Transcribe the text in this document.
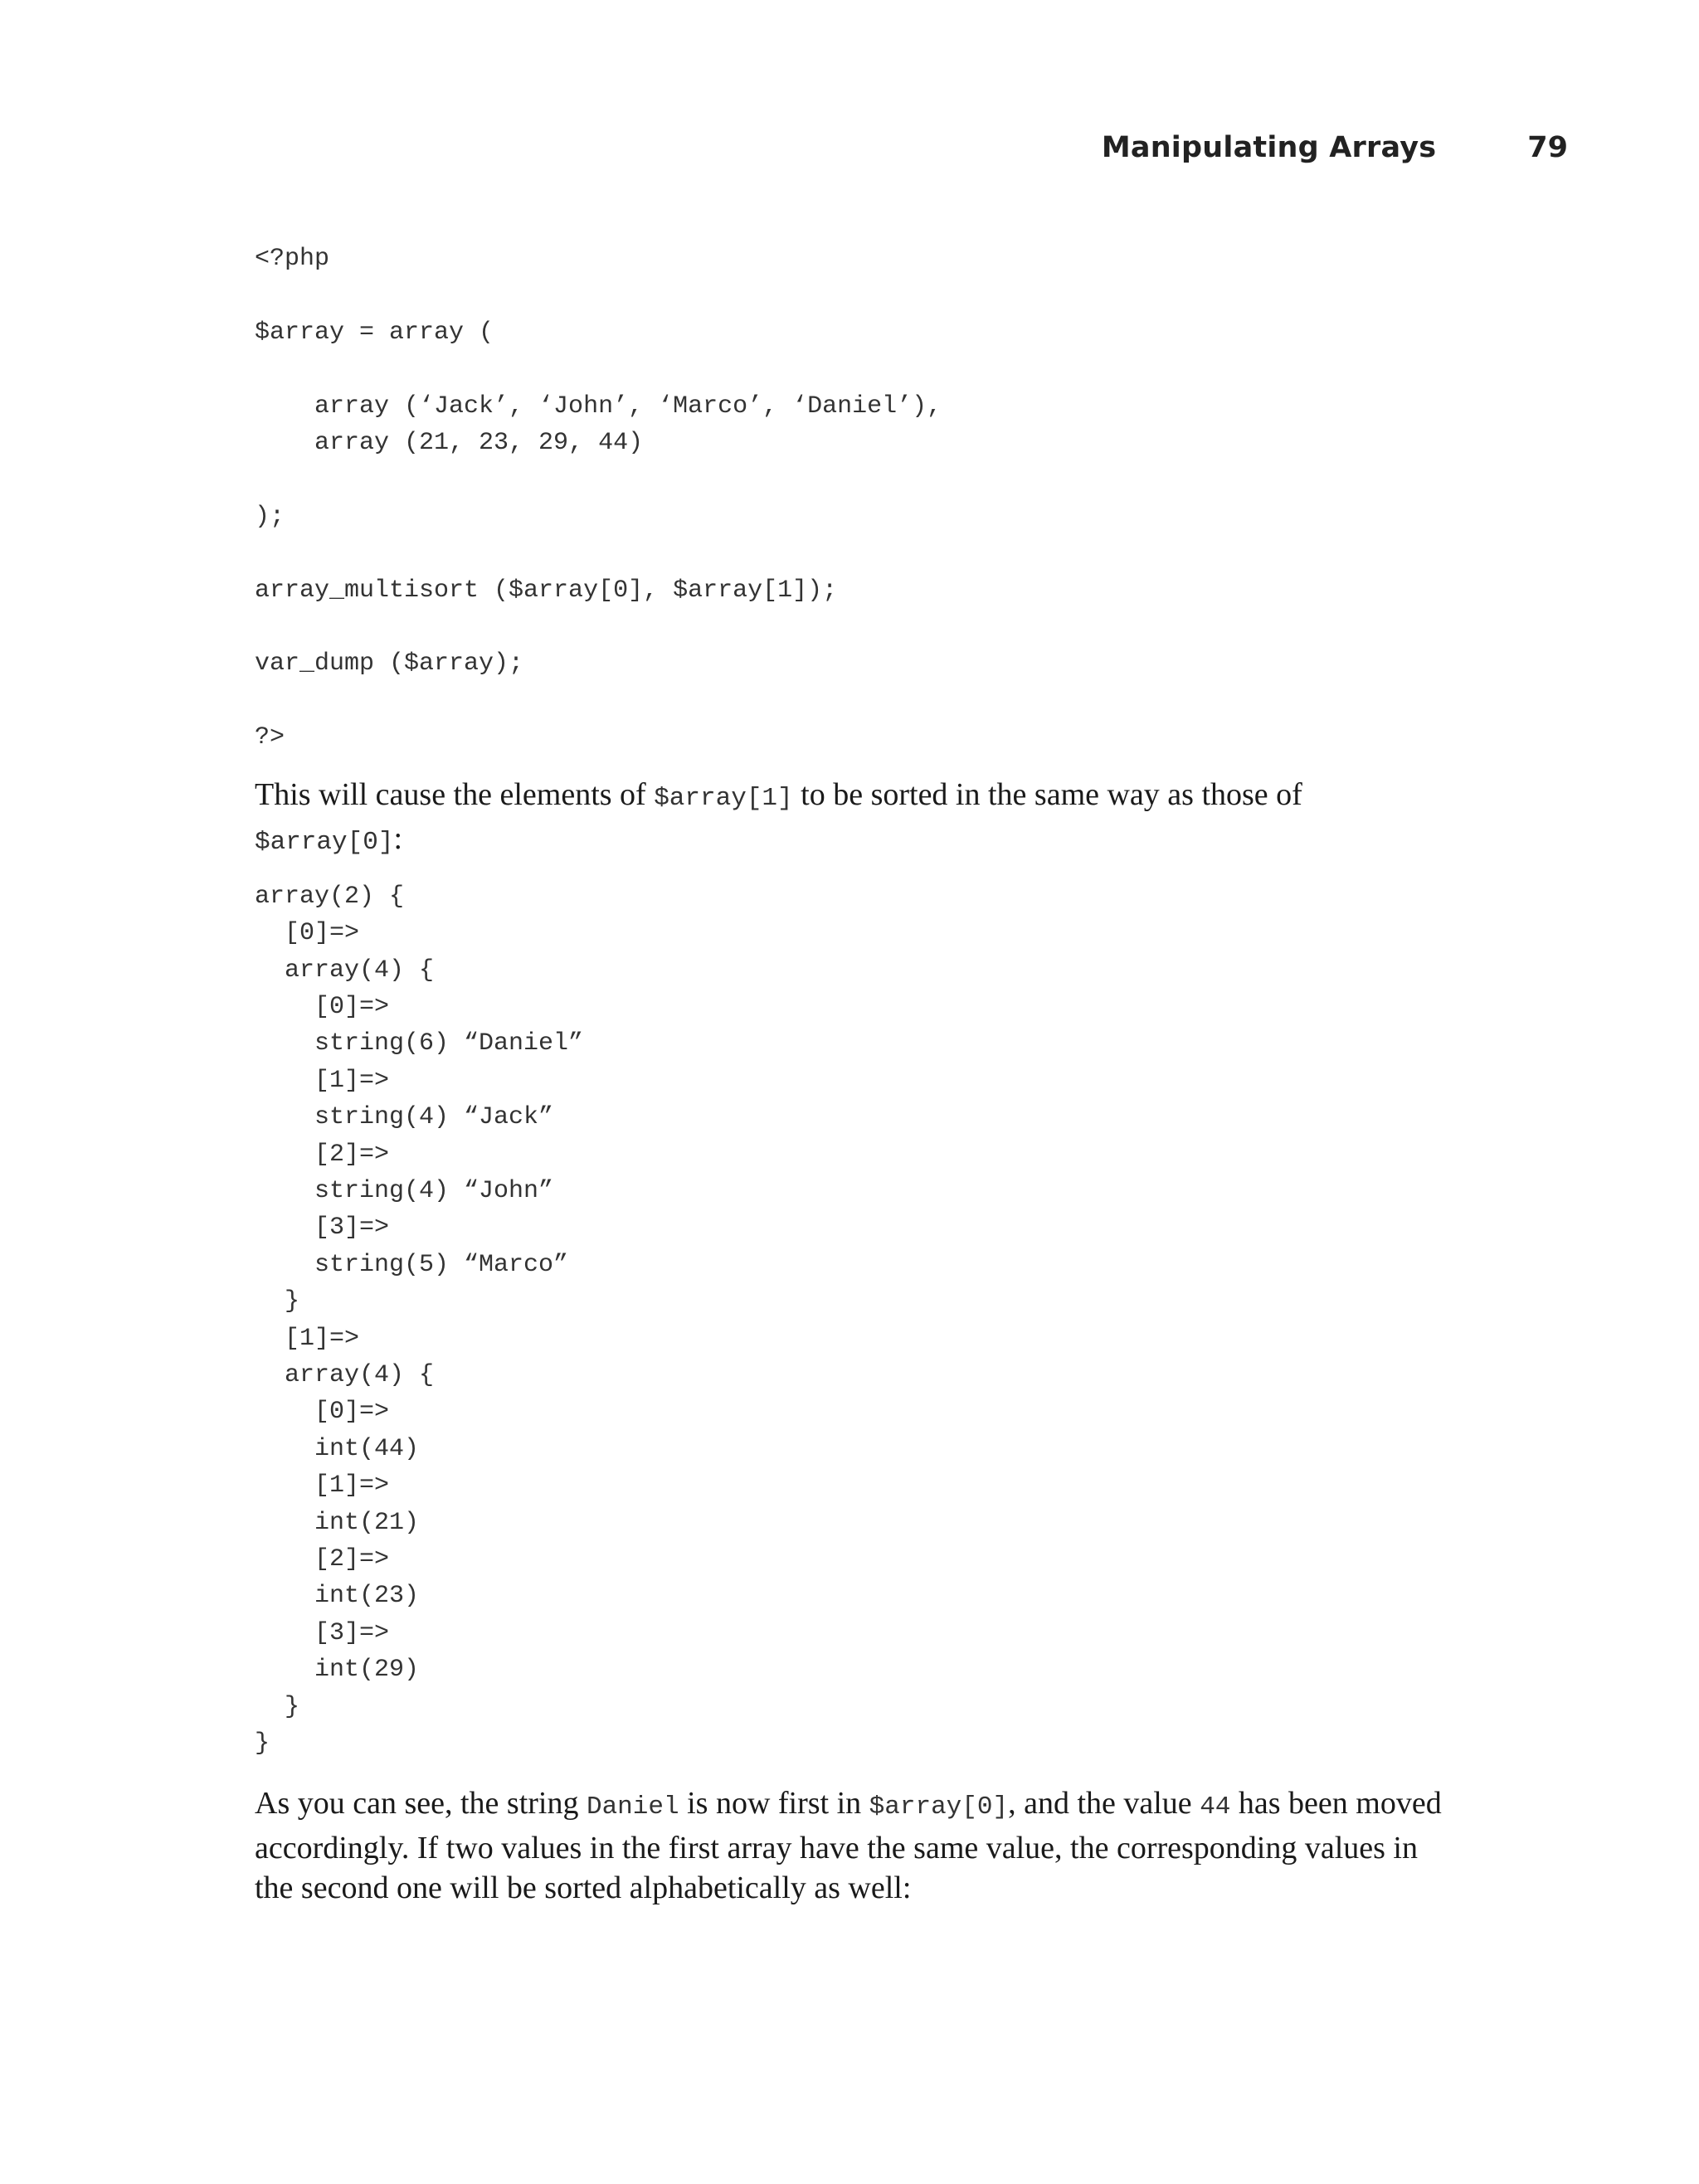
Manipulating Arrays	79
<?php

$array = array (

array (‘Jack’, ‘John’, ‘Marco’, ‘Daniel’),
array (21, 23, 29, 44)

);

array_multisort ($array[0], $array[1]);

var_dump ($array);

?>

This will cause the elements of $array[1] to be sorted in the same way as those of $array[0]:

array(2) {
[0]=>
array(4) {
[0]=>
string(6) “Daniel”
[1]=>
string(4) “Jack”
[2]=>
string(4) “John”
[3]=>
string(5) “Marco”
}
[1]=>
array(4) {
[0]=>
int(44)
[1]=>
int(21)
[2]=>
int(23)
[3]=>
int(29)
}
}

As you can see, the string Daniel is now first in $array[0], and the value 44 has been moved accordingly. If two values in the first array have the same value, the corresponding values in the second one will be sorted alphabetically as well:
